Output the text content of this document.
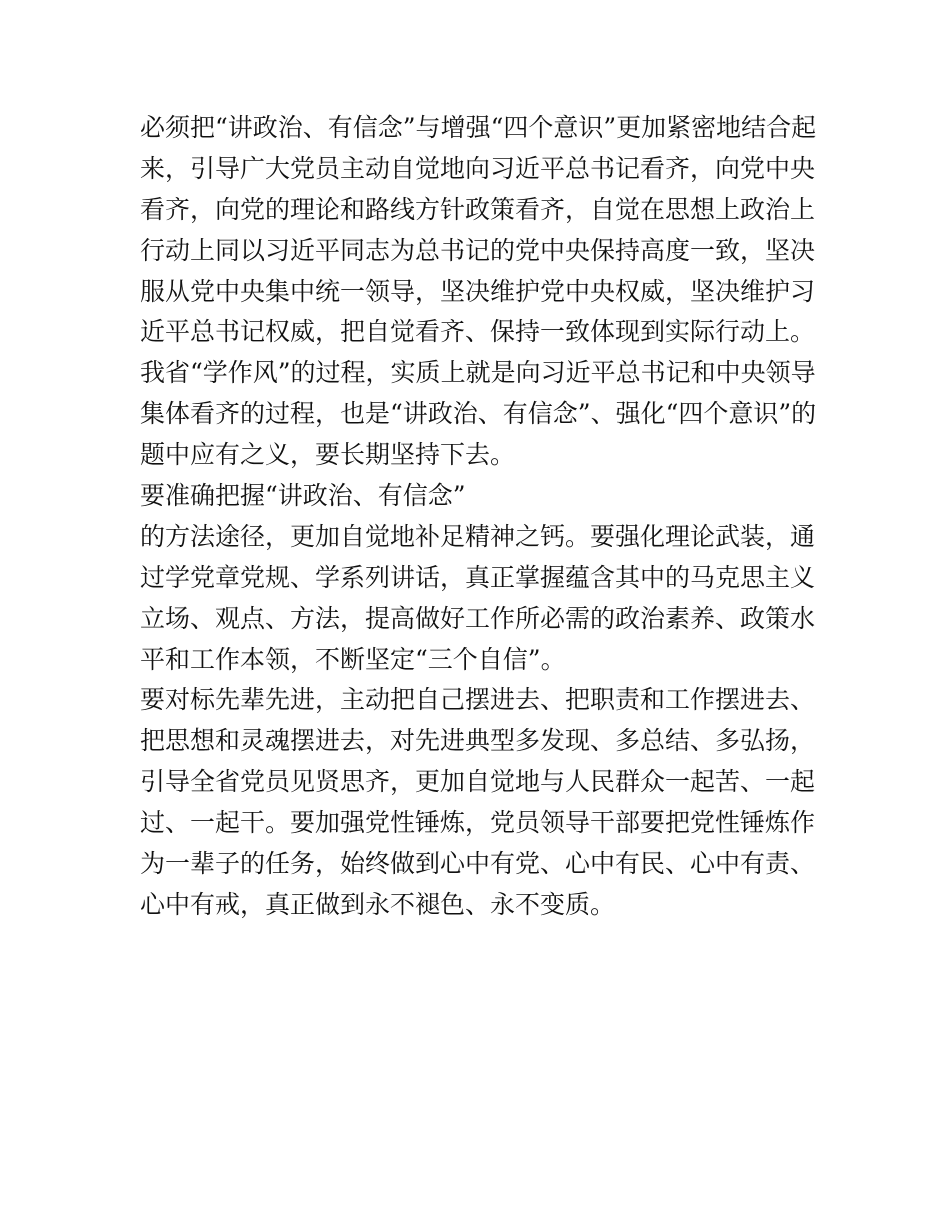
必须把“讲政治、有信念”与增强“四个意识”更加紧密地结合起
来，引导广大党员主动自觉地向习近平总书记看齐，向党中央
看齐，向党的理论和路线方针政策看齐，自觉在思想上政治上
行动上同以习近平同志为总书记的党中央保持高度一致，坚决
服从党中央集中统一领导，坚决维护党中央权威，坚决维护习
近平总书记权威，把自觉看齐、保持一致体现到实际行动上。
我省“学作风”的过程，实质上就是向习近平总书记和中央领导
集体看齐的过程，也是“讲政治、有信念”、强化“四个意识”的
题中应有之义，要长期坚持下去。
要准确把握“讲政治、有信念”
的方法途径，更加自觉地补足精神之钙。要强化理论武装，通
过学党章党规、学系列讲话，真正掌握蕴含其中的马克思主义
立场、观点、方法，提高做好工作所必需的政治素养、政策水
平和工作本领，不断坚定“三个自信”。
要对标先辈先进，主动把自己摆进去、把职责和工作摆进去、
把思想和灵魂摆进去，对先进典型多发现、多总结、多弘扬，
引导全省党员见贤思齐，更加自觉地与人民群众一起苦、一起
过、一起干。要加强党性锤炼，党员领导干部要把党性锤炼作
为一辈子的任务，始终做到心中有党、心中有民、心中有责、
心中有戒，真正做到永不褪色、永不变质。
